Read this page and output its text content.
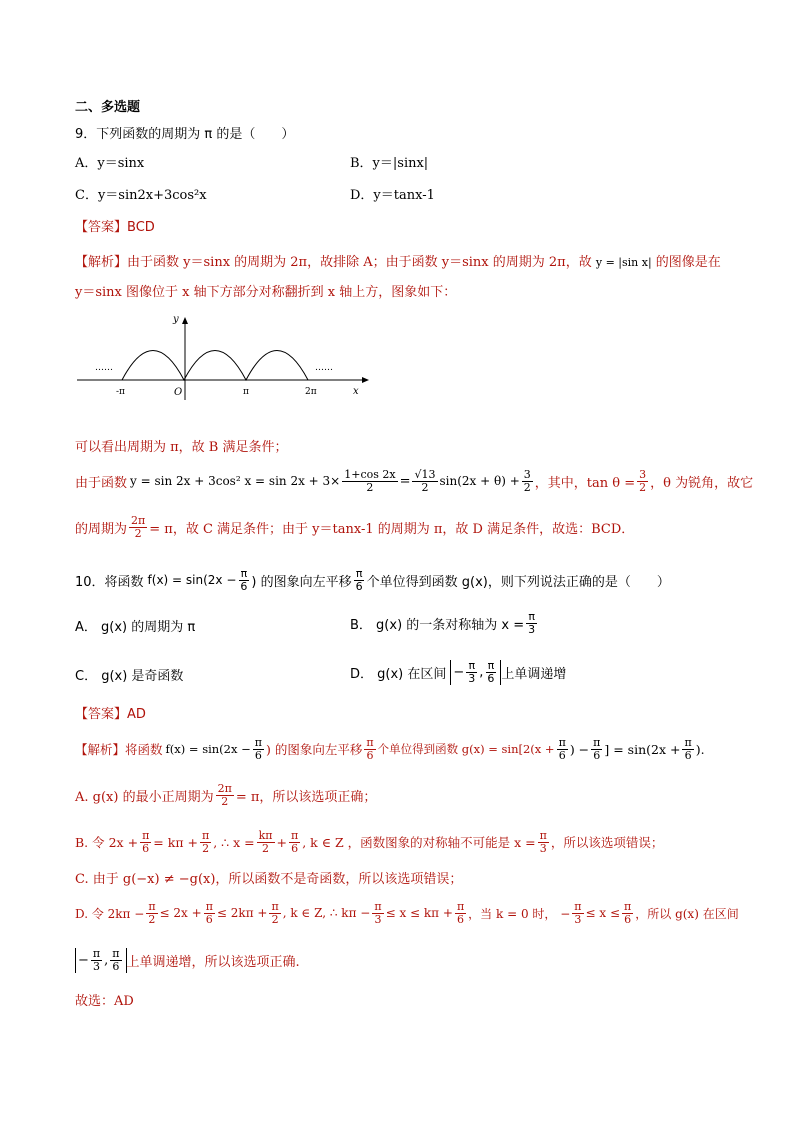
二、多选题
9．下列函数的周期为 π 的是（　　）
A．y＝sinx	B．y＝|sinx|
C．y＝sin2x+3cos²x	D．y＝tanx-1
【答案】BCD
【解析】由于函数 y＝sinx 的周期为 2π，故排除 A；由于函数 y＝sinx 的周期为 2π，故 y = |sin x| 的图像是在
y＝sinx 图像位于 x 轴下方部分对称翻折到 x 轴上方，图象如下：
y
x
O
-π	π	2π
……	……
可以看出周期为 π，故 B 满足条件；
由于函数 y = sin 2x + 3cos² $x = \sin 2x + 3\times \frac{1+\cos 2x}{2} = \frac{√13}{2} \sin(2x + \theta) + \frac{3}{2}$ ，其中，$\tan \theta = \frac{3}{2}$ ，θ 为锐角，故它
的周期为 $\frac{2\pi}{2} = \pi$，故 C 满足条件；由于 y＝tanx-1 的周期为 π，故 D 满足条件，故选：BCD．
10．将函数 $f(x) = \sin(2x - \frac{\pi}{6}$ ) 的图象向左平移 $\frac{\pi}{6}$ 个单位得到函数 g(x)，则下列说法正确的是（　　）
A． g(x) 的周期为 π	B． g(x) 的一条对称轴为 $x = \frac{\pi}{3}$
C． g(x) 是奇函数	D． g(x) 在区间 − $\frac{\pi}{3}$ , $\frac{\pi}{6}$ 上单调递增
【答案】AD
【解析】 将函数 $f(x) = \sin(2x - \frac{\pi}{6}$ ) 的图象向左平移 $\frac{\pi}{6}$ 个单位得到函数 $g(x) = \sin[2(x + \frac{\pi}{6}$ ) − $\frac{\pi}{6}$ ] = $\sin(2x + \frac{\pi}{6}$ ).
A. g(x) 的最小正周期为 $\frac{2\pi}{2} = \pi$，所以该选项正确；
B. 令 $2x + \frac{\pi}{6} = k\pi + \frac{\pi}{2}$ , ∴ $x = \frac{k\pi}{2} + \frac{\pi}{6}$ , k ∈ Z ，函数图象的对称轴不可能是 $x = \frac{\pi}{3}$ ，所以该选项错误；
C. 由于 g(−x) ≠ −g(x)，所以函数不是奇函数，所以该选项错误；
D. 令 $2k\pi - \frac{\pi}{2} \le 2x + \frac{\pi}{6} \le 2k\pi + \frac{\pi}{2}$ , k ∈ Z, ∴ $k\pi - \frac{\pi}{3} \le x \le k\pi + \frac{\pi}{6}$ ，当 k = 0 时， − $\frac{\pi}{3} \le x \le \frac{\pi}{6}$ ，所以 g(x) 在区间
− $\frac{\pi}{3}$ , $\frac{\pi}{6}$ 上单调递增，所以该选项正确.
故选：AD
